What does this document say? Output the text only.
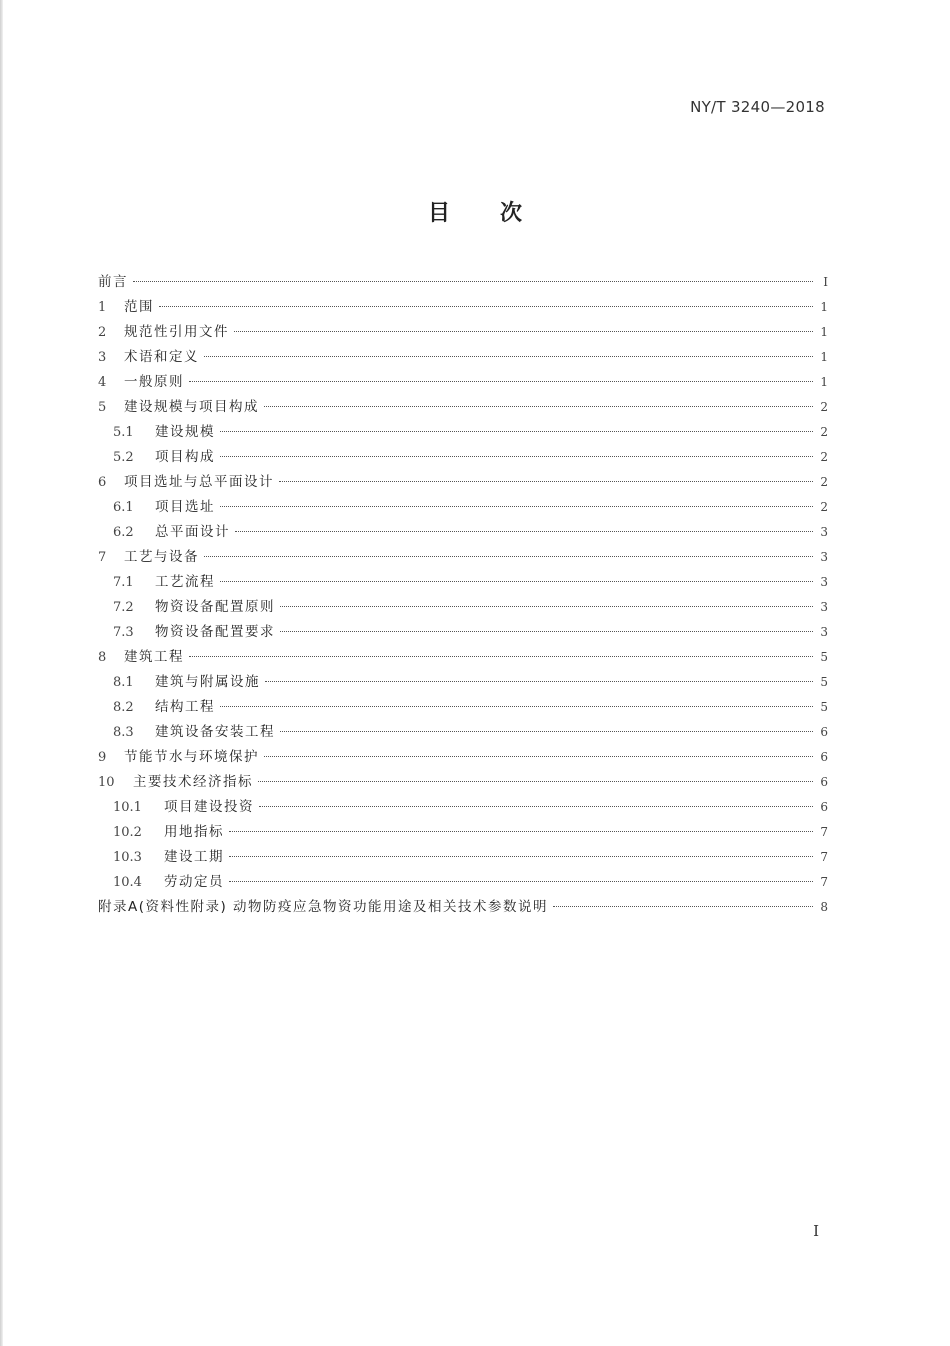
NY/T 3240—2018
目次
前言	I
1	范围	1
2	规范性引用文件	1
3	术语和定义	1
4	一般原则	1
5	建设规模与项目构成	2
5.1	建设规模	2
5.2	项目构成	2
6	项目选址与总平面设计	2
6.1	项目选址	2
6.2	总平面设计	3
7	工艺与设备	3
7.1	工艺流程	3
7.2	物资设备配置原则	3
7.3	物资设备配置要求	3
8	建筑工程	5
8.1	建筑与附属设施	5
8.2	结构工程	5
8.3	建筑设备安装工程	6
9	节能节水与环境保护	6
10	主要技术经济指标	6
10.1	项目建设投资	6
10.2	用地指标	7
10.3	建设工期	7
10.4	劳动定员	7
附录A(资料性附录) 动物防疫应急物资功能用途及相关技术参数说明	8
I
